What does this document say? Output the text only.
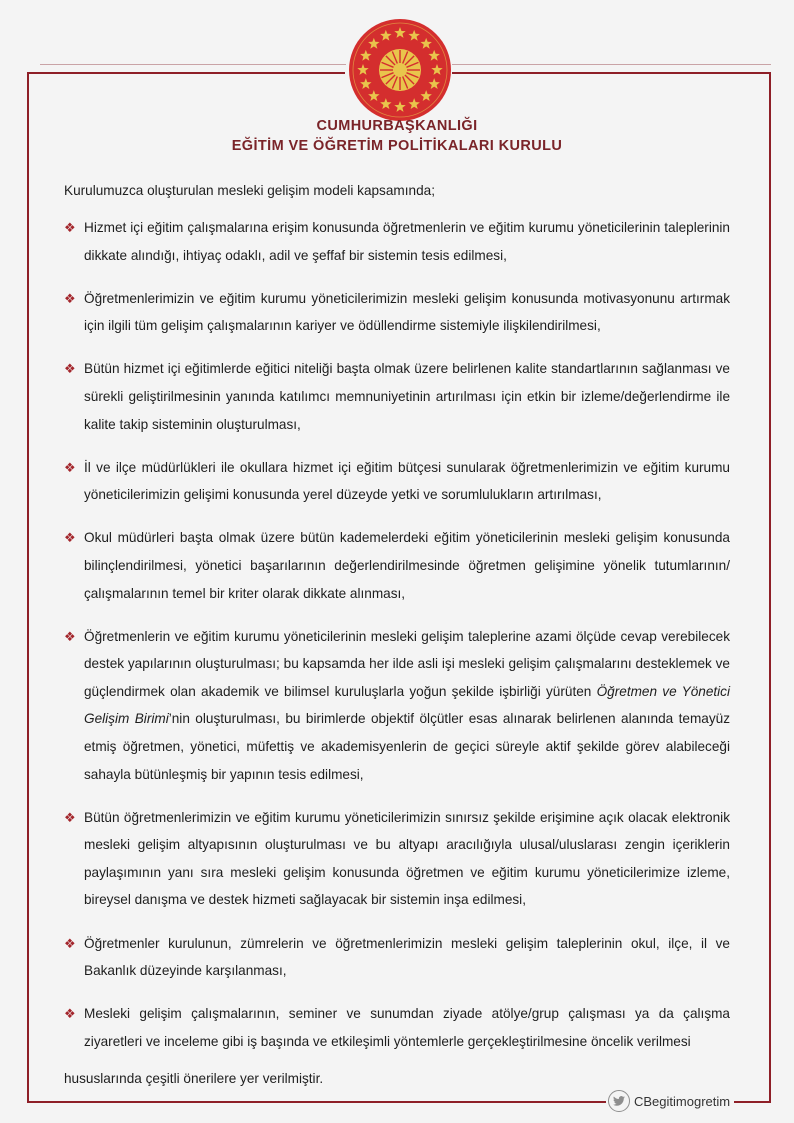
CUMHURBAŞKANLIĞI
EĞİTİM VE ÖĞRETİM POLİTİKALARI KURULU
Kurulumuzca oluşturulan mesleki gelişim modeli kapsamında;
❖ Hizmet içi eğitim çalışmalarına erişim konusunda öğretmenlerin ve eğitim kurumu yöneticilerinin taleplerinin dikkate alındığı, ihtiyaç odaklı, adil ve şeffaf bir sistemin tesis edilmesi,
❖ Öğretmenlerimizin ve eğitim kurumu yöneticilerimizin mesleki gelişim konusunda motivasyonunu artırmak için ilgili tüm gelişim çalışmalarının kariyer ve ödüllendirme sistemiyle ilişkilendirilmesi,
❖ Bütün hizmet içi eğitimlerde eğitici niteliği başta olmak üzere belirlenen kalite standartlarının sağlanması ve sürekli geliştirilmesinin yanında katılımcı memnuniyetinin artırılması için etkin bir izleme/değerlendirme ile kalite takip sisteminin oluşturulması,
❖ İl ve ilçe müdürlükleri ile okullara hizmet içi eğitim bütçesi sunularak öğretmenlerimizin ve eğitim kurumu yöneticilerimizin gelişimi konusunda yerel düzeyde yetki ve sorumlulukların artırılması,
❖ Okul müdürleri başta olmak üzere bütün kademelerdeki eğitim yöneticilerinin mesleki gelişim konusunda bilinçlendirilmesi, yönetici başarılarının değerlendirilmesinde öğretmen gelişimine yönelik tutumlarının/çalışmalarının temel bir kriter olarak dikkate alınması,
❖ Öğretmenlerin ve eğitim kurumu yöneticilerinin mesleki gelişim taleplerine azami ölçüde cevap verebilecek destek yapılarının oluşturulması; bu kapsamda her ilde asli işi mesleki gelişim çalışmalarını desteklemek ve güçlendirmek olan akademik ve bilimsel kuruluşlarla yoğun şekilde işbirliği yürüten Öğretmen ve Yönetici Gelişim Birimi’nin oluşturulması, bu birimlerde objektif ölçütler esas alınarak belirlenen alanında temayüz etmiş öğretmen, yönetici, müfettiş ve akademisyenlerin de geçici süreyle aktif şekilde görev alabileceği sahayla bütünleşmiş bir yapının tesis edilmesi,
❖ Bütün öğretmenlerimizin ve eğitim kurumu yöneticilerimizin sınırsız şekilde erişimine açık olacak elektronik mesleki gelişim altyapısının oluşturulması ve bu altyapı aracılığıyla ulusal/uluslarası zengin içeriklerin paylaşımının yanı sıra mesleki gelişim konusunda öğretmen ve eğitim kurumu yöneticilerimize izleme, bireysel danışma ve destek hizmeti sağlayacak bir sistemin inşa edilmesi,
❖ Öğretmenler kurulunun, zümrelerin ve öğretmenlerimizin mesleki gelişim taleplerinin okul, ilçe, il ve Bakanlık düzeyinde karşılanması,
❖ Mesleki gelişim çalışmalarının, seminer ve sunumdan ziyade atölye/grup çalışması ya da çalışma ziyaretleri ve inceleme gibi iş başında ve etkileşimli yöntemlerle gerçekleştirilmesine öncelik verilmesi
hususlarında çeşitli önerilere yer verilmiştir.
CBegitimogretim
